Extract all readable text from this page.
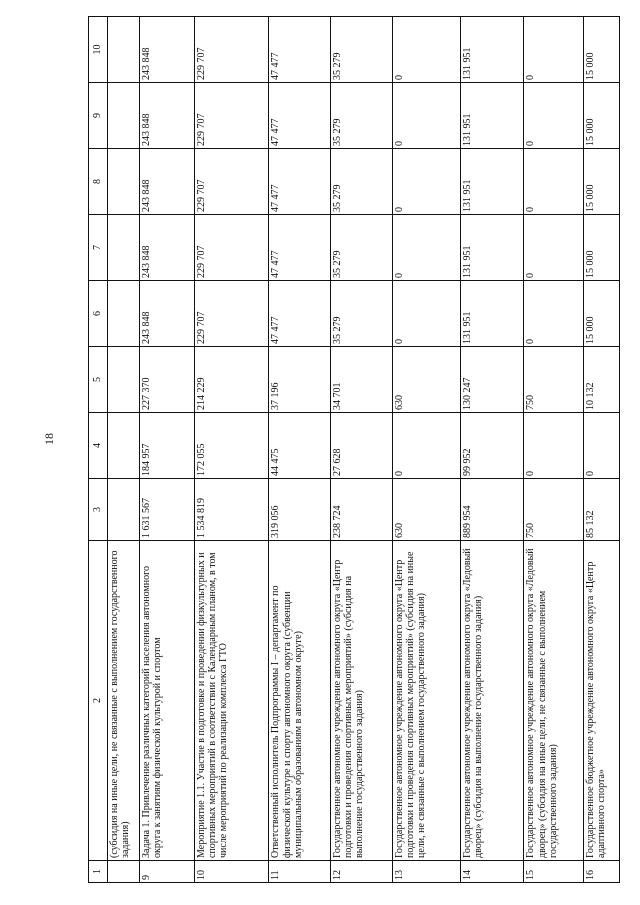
18
1	2	3	4	5	6	7	8	9	10
	(субсидия на иные цели, не связанные с выполнением государственного задания)								
9	Задача 1. Привлечение различных категорий населения автономного округа к занятиям физической культурой и спортом	1 631 567	184 957	227 370	243 848	243 848	243 848	243 848	243 848
10	Мероприятие 1.1. Участие в подготовке и проведении физкультурных и спортивных мероприятий в соответствии с Календарным планом, в том числе мероприятий по реализации комплекса ГТО	1 534 819	172 055	214 229	229 707	229 707	229 707	229 707	229 707
11	Ответственный исполнитель Подпрограммы I – департамент по физической культуре и спорту автономного округа (субвенции муниципальным образованиям в автономном округе)	319 056	44 475	37 196	47 477	47 477	47 477	47 477	47 477
12	Государственное автономное учреждение автономного округа «Центр подготовки и проведения спортивных мероприятий» (субсидия на выполнение государственного задания)	238 724	27 628	34 701	35 279	35 279	35 279	35 279	35 279
13	Государственное автономное учреждение автономного округа «Центр подготовки и проведения спортивных мероприятий» (субсидия на иные цели, не связанные с выполнением государственного задания)	630	0	630	0	0	0	0	0
14	Государственное автономное учреждение автономного округа «Ледовый дворец» (субсидия на выполнение государственного задания)	889 954	99 952	130 247	131 951	131 951	131 951	131 951	131 951
15	Государственное автономное учреждение автономного округа «Ледовый дворец» (субсидия на иные цели, не связанные с выполнением государственного задания)	750	0	750	0	0	0	0	0
16	Государственное бюджетное учреждение автономного округа «Центр адаптивного спорта»	85 132	0	10 132	15 000	15 000	15 000	15 000	15 000
